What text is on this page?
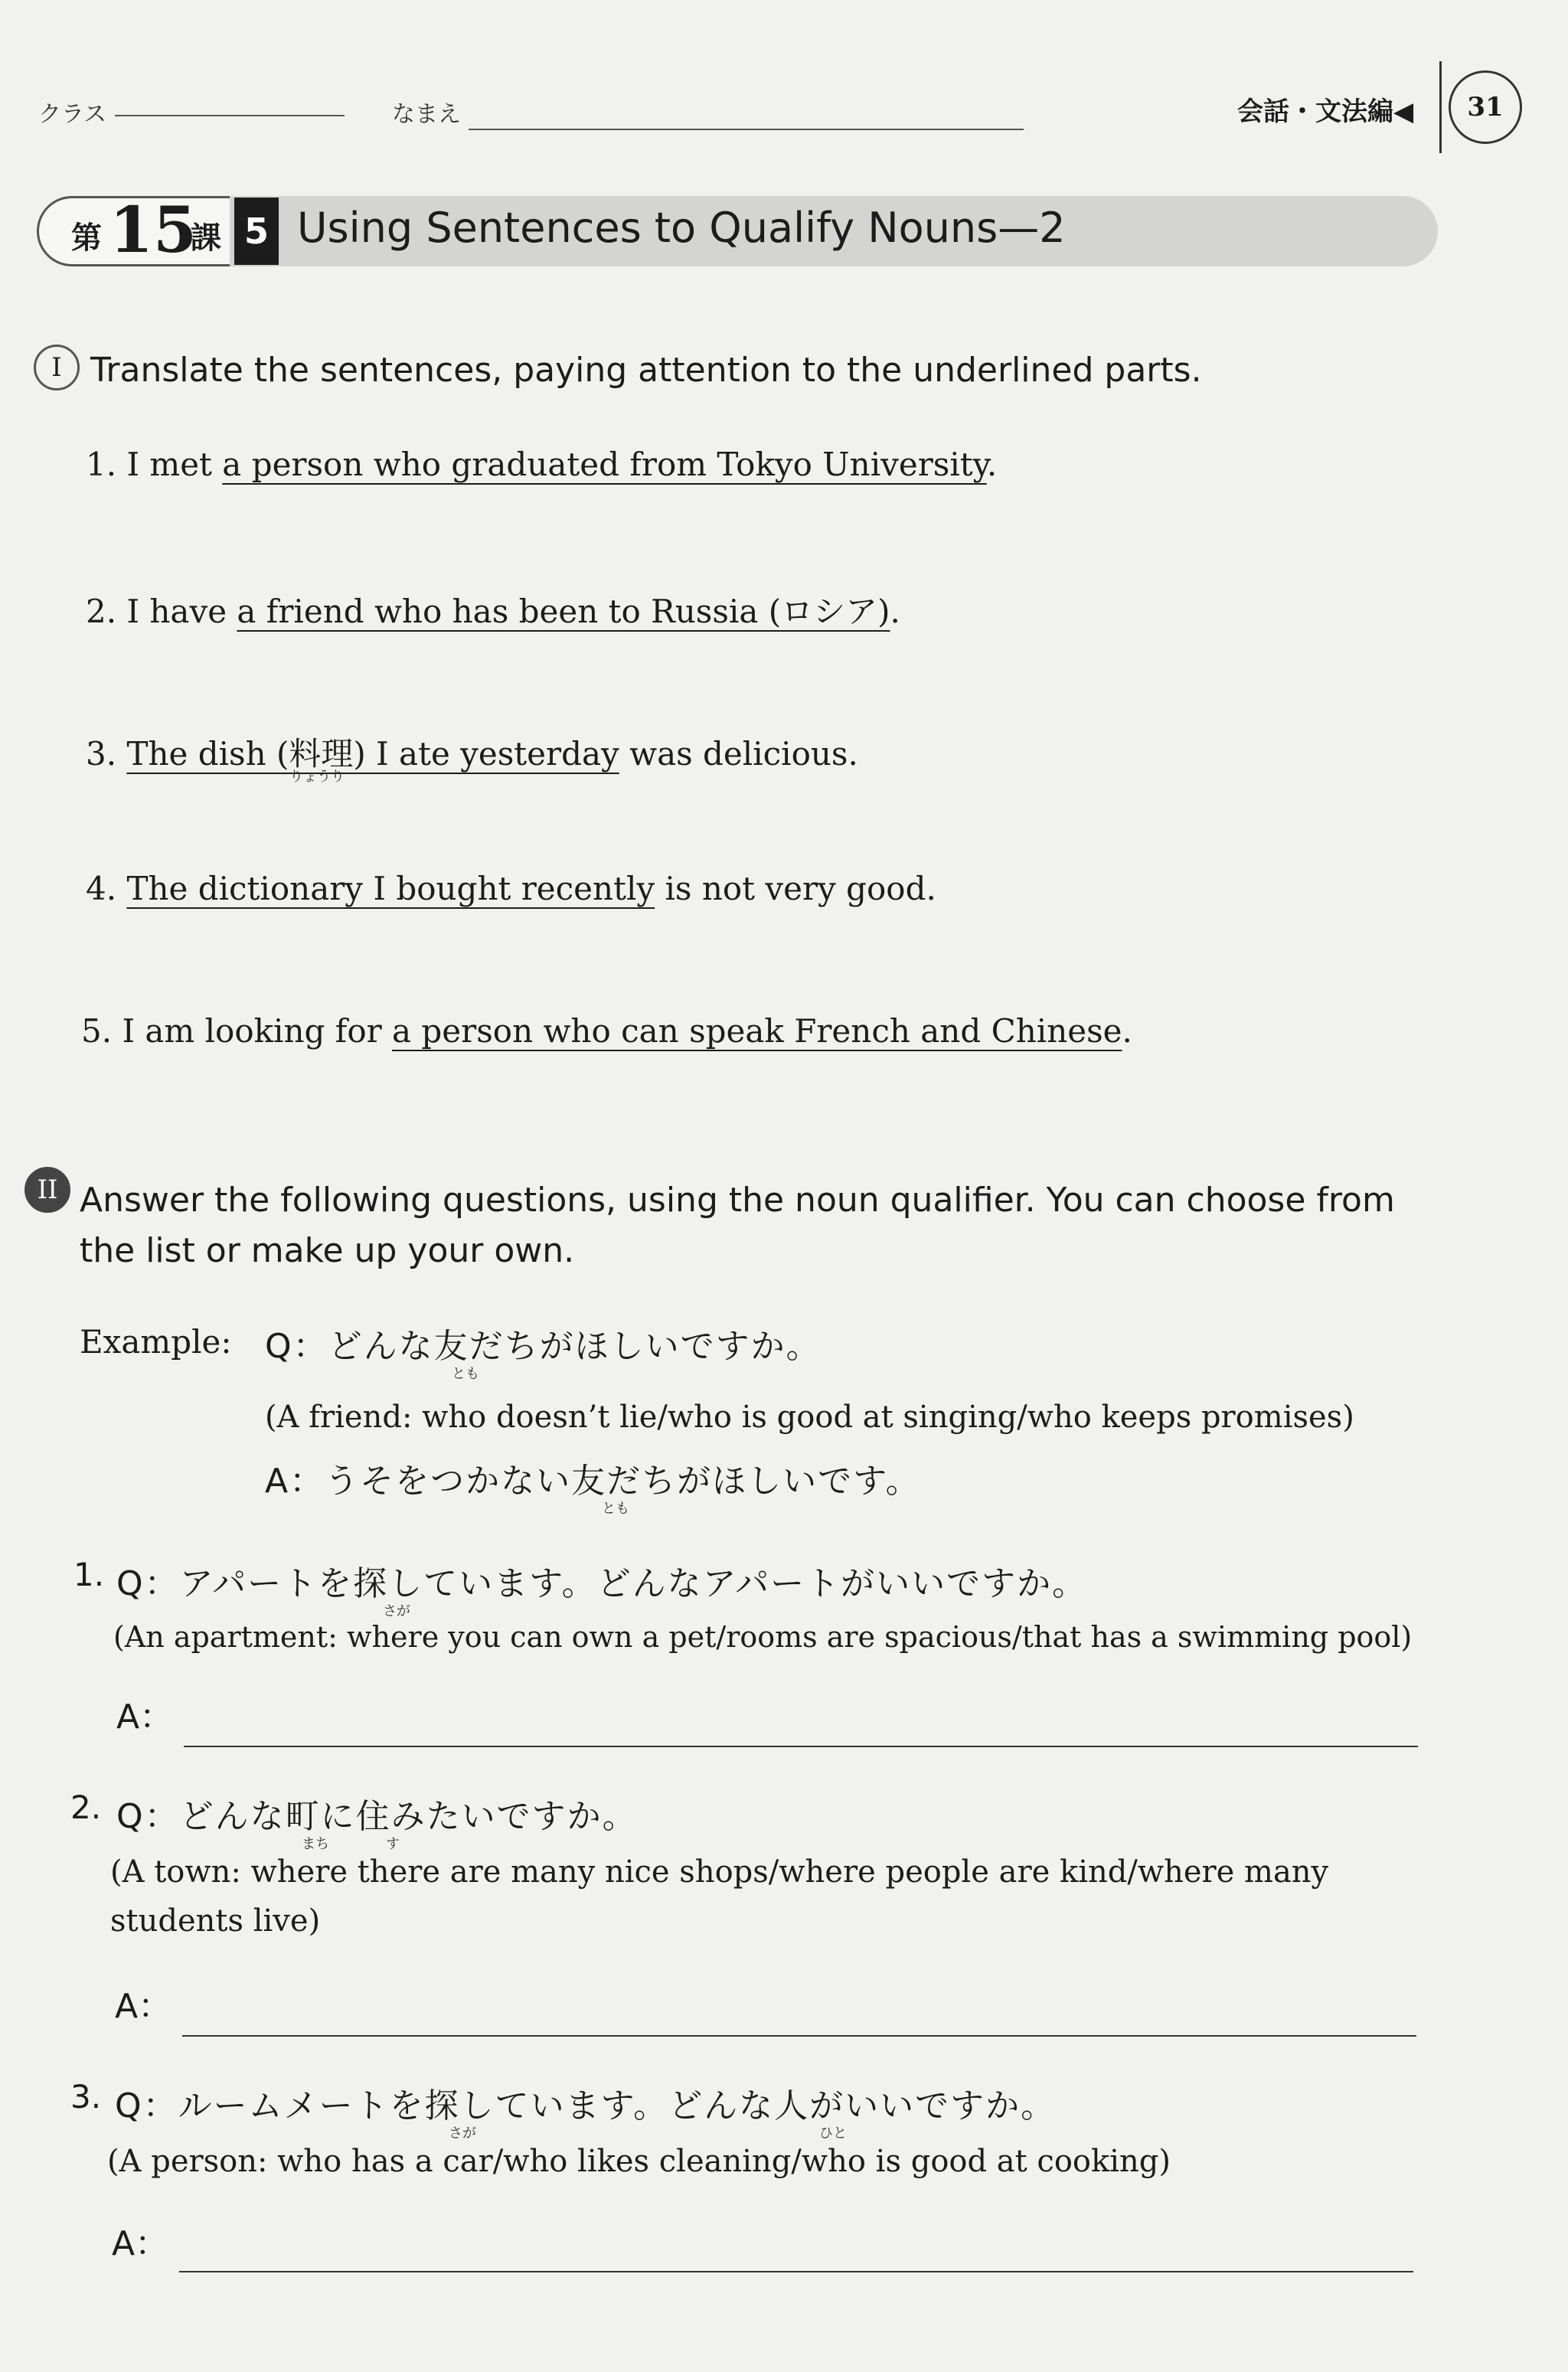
クラス	なまえ	会話・文法編◀	31
第 15
課 5 Using Sentences to Qualify Nouns—2
I Translate the sentences, paying attention to the underlined parts.
1. I met a person who graduated from Tokyo University.
2. I have a friend who has been to Russia (ロシア).
3. The dish (料理) I ate yesterday was delicious.
りょうり
4. The dictionary I bought recently is not very good.
5. I am looking for a person who can speak French and Chinese.
II Answer the following questions, using the noun qualifier. You can choose from
the list or make up your own.
Example: Q：どんな友だちがほしいですか。
とも
(A friend: who doesn’t lie/who is good at singing/who keeps promises)
A：うそをつかない友だちがほしいです。
とも
1. Q：アパートを探しています。どんなアパートがいいですか。
さが
(An apartment: where you can own a pet/rooms are spacious/that has a swimming pool)
A：
2. Q：どんな町に住みたいですか。
まち	す
(A town: where there are many nice shops/where people are kind/where many
students live)
A：
3. Q：ルームメートを探しています。どんな人がいいですか。
さが	ひと
(A person: who has a car/who likes cleaning/who is good at cooking)
A：
